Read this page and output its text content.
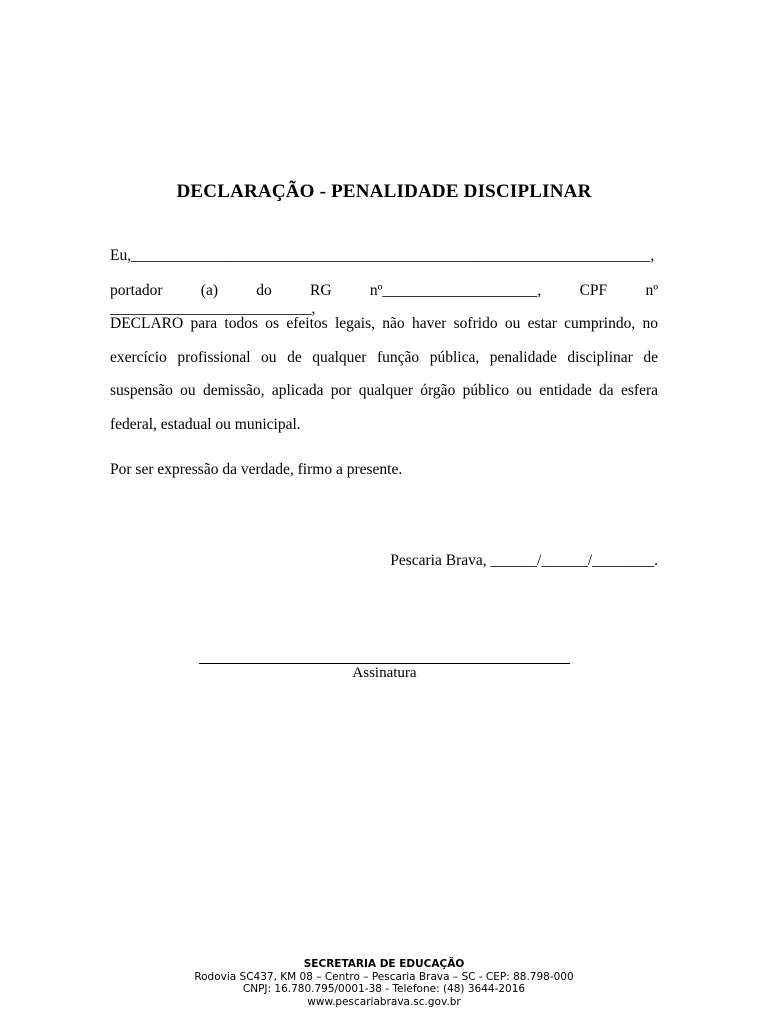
DECLARAÇÃO - PENALIDADE DISCIPLINAR
Eu,___________________________________________________________________,
portador (a) do RG nº____________________, CPF nº __________________________,
DECLARO para todos os efeitos legais, não haver sofrido ou estar cumprindo, no
exercício profissional ou de qualquer função pública, penalidade disciplinar de
suspensão ou demissão, aplicada por qualquer órgão público ou entidade da esfera
federal, estadual ou municipal.
Por ser expressão da verdade, firmo a presente.
Pescaria Brava, ______/______/________.
Assinatura
SECRETARIA DE EDUCAÇÃO
Rodovia SC437, KM 08 – Centro – Pescaria Brava – SC - CEP: 88.798-000
CNPJ: 16.780.795/0001-38 - Telefone: (48) 3644-2016
www.pescariabrava.sc.gov.br
